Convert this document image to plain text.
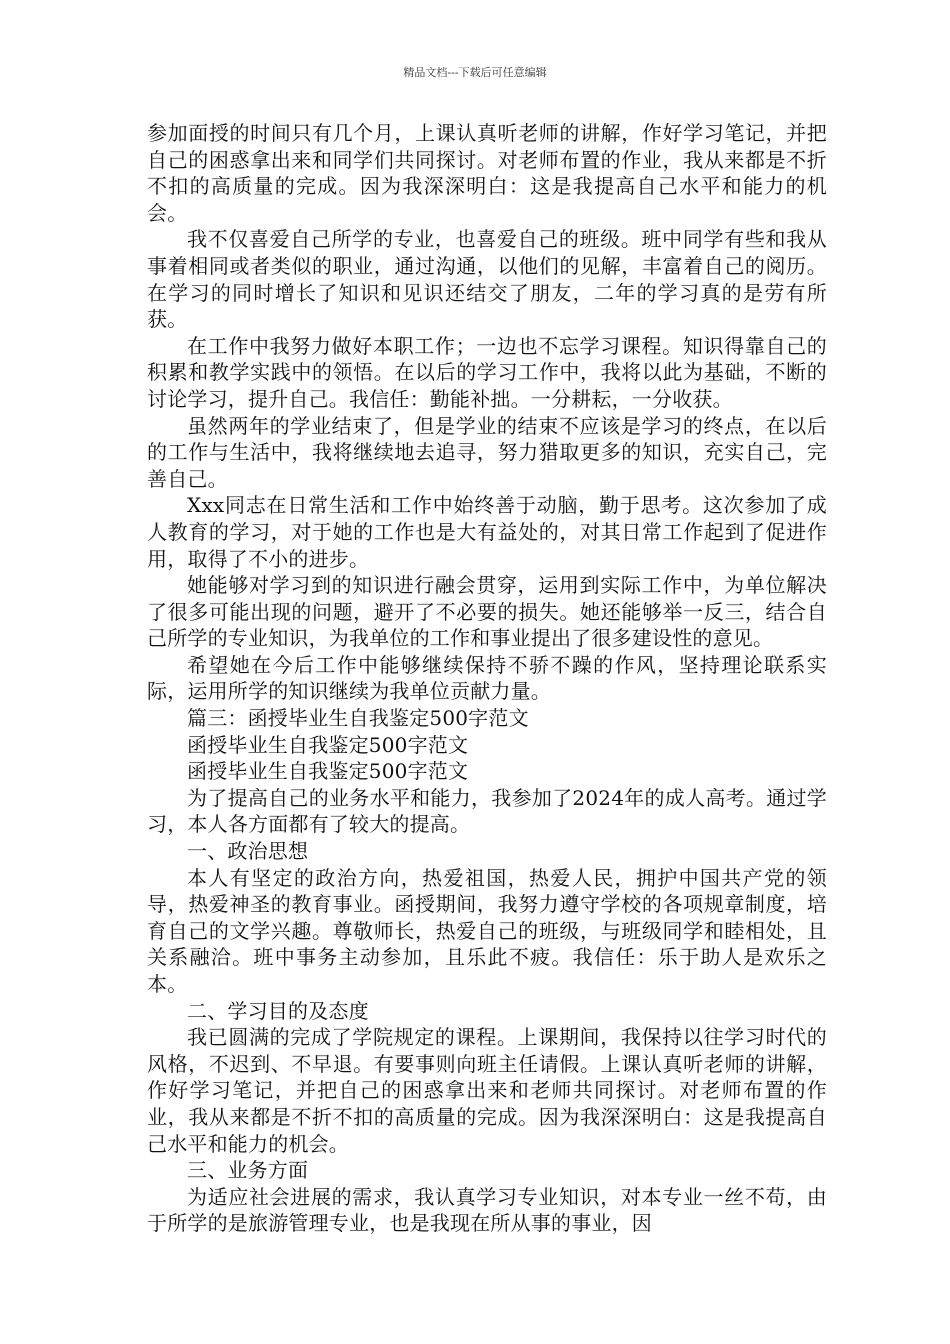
精品文档---下载后可任意编辑

参加面授的时间只有几个月，上课认真听老师的讲解，作好学习笔记，并把自己的困惑拿出来和同学们共同探讨。对老师布置的作业，我从来都是不折不扣的高质量的完成。因为我深深明白：这是我提高自己水平和能力的机会。

我不仅喜爱自己所学的专业，也喜爱自己的班级。班中同学有些和我从事着相同或者类似的职业，通过沟通，以他们的见解，丰富着自己的阅历。在学习的同时增长了知识和见识还结交了朋友，二年的学习真的是劳有所获。

在工作中我努力做好本职工作；一边也不忘学习课程。知识得靠自己的积累和教学实践中的领悟。在以后的学习工作中，我将以此为基础，不断的讨论学习，提升自己。我信任：勤能补拙。一分耕耘，一分收获。

虽然两年的学业结束了，但是学业的结束不应该是学习的终点，在以后的工作与生活中，我将继续地去追寻，努力猎取更多的知识，充实自己，完善自己。

Xxx同志在日常生活和工作中始终善于动脑，勤于思考。这次参加了成人教育的学习，对于她的工作也是大有益处的，对其日常工作起到了促进作用，取得了不小的进步。

她能够对学习到的知识进行融会贯穿，运用到实际工作中，为单位解决了很多可能出现的问题，避开了不必要的损失。她还能够举一反三，结合自己所学的专业知识，为我单位的工作和事业提出了很多建设性的意见。

希望她在今后工作中能够继续保持不骄不躁的作风，坚持理论联系实际，运用所学的知识继续为我单位贡献力量。

篇三：函授毕业生自我鉴定500字范文

函授毕业生自我鉴定500字范文

函授毕业生自我鉴定500字范文

为了提高自己的业务水平和能力，我参加了2024年的成人高考。通过学习，本人各方面都有了较大的提高。

一、政治思想

本人有坚定的政治方向，热爱祖国，热爱人民，拥护中国共产党的领导，热爱神圣的教育事业。函授期间，我努力遵守学校的各项规章制度，培育自己的文学兴趣。尊敬师长，热爱自己的班级，与班级同学和睦相处，且关系融洽。班中事务主动参加，且乐此不疲。我信任：乐于助人是欢乐之本。

二、学习目的及态度

我已圆满的完成了学院规定的课程。上课期间，我保持以往学习时代的风格，不迟到、不早退。有要事则向班主任请假。上课认真听老师的讲解，作好学习笔记，并把自己的困惑拿出来和老师共同探讨。对老师布置的作业，我从来都是不折不扣的高质量的完成。因为我深深明白：这是我提高自己水平和能力的机会。

三、业务方面

为适应社会进展的需求，我认真学习专业知识，对本专业一丝不苟，由于所学的是旅游管理专业，也是我现在所从事的事业，因
